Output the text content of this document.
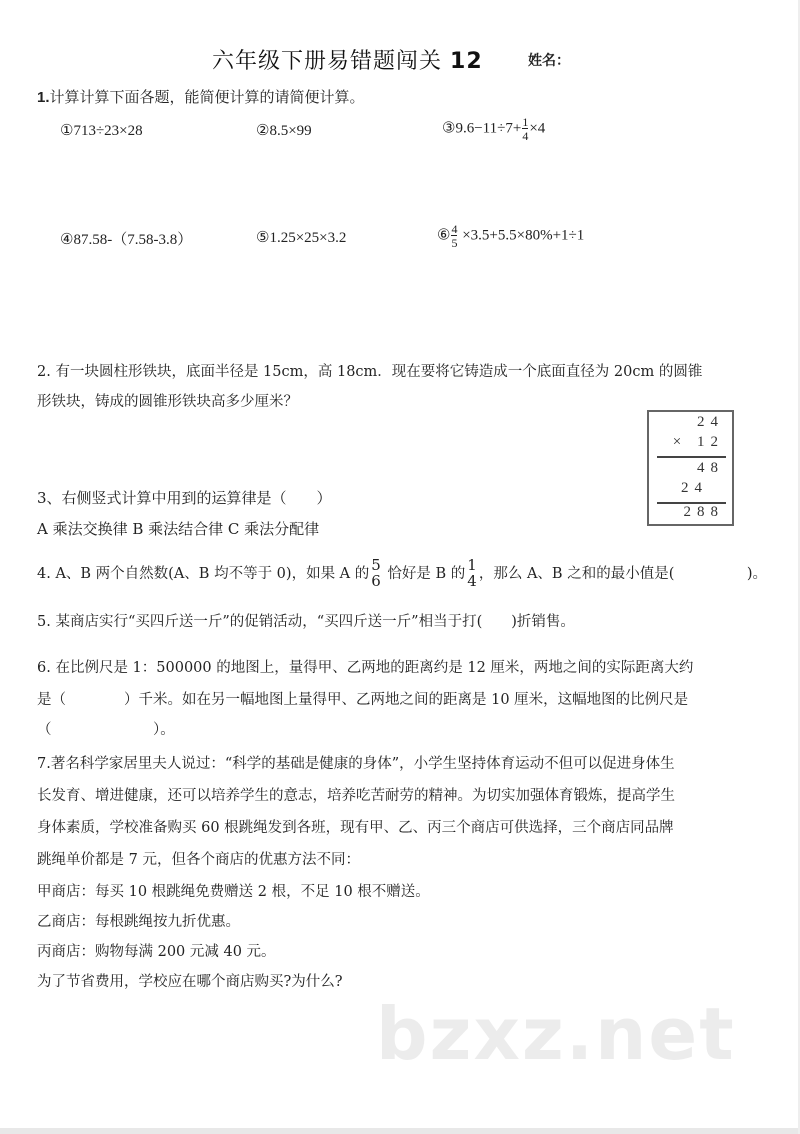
六年级下册易错题闯关 12	姓名：
1.计算计算下面各题，能简便计算的请简便计算。
①713÷23×28	②8.5×99	③9.6−11÷7+ $\frac{1}{4} \times 4$
④87.58-（7.58-3.8）	⑤1.25×25×3.2	⑥ $\frac{4}{5} \times 3.5+5.5\times 80\%+1\div 1$
2. 有一块圆柱形铁块，底面半径是 15cm，高 18cm．现在要将它铸造成一个底面直径为 20cm 的圆锥
形铁块，铸成的圆锥形铁块高多少厘米？
3、右侧竖式计算中用到的运算律是（　　）
A 乘法交换律 B 乘法结合律 C 乘法分配律
24
× 12
48
24
288
4. A、B 两个自然数(A、B 均不等于 0)，如果 A 的 5
6 恰好是 B 的 1
4 ，那么 A、B 之和的最小值是(　　　　　)。
5. 某商店实行“买四斤送一斤”的促销活动，“买四斤送一斤”相当于打(　　)折销售。
6. 在比例尺是 1：500000 的地图上，量得甲、乙两地的距离约是 12 厘米，两地之间的实际距离大约
是（　　　　）千米。如在另一幅地图上量得甲、乙两地之间的距离是 10 厘米，这幅地图的比例尺是
（　　　　　　　）。
7.著名科学家居里夫人说过：“科学的基础是健康的身体”，小学生坚持体育运动不但可以促进身体生
长发育、增进健康，还可以培养学生的意志，培养吃苦耐劳的精神。为切实加强体育锻炼，提高学生
身体素质，学校准备购买 60 根跳绳发到各班，现有甲、乙、丙三个商店可供选择，三个商店同品牌
跳绳单价都是 7 元，但各个商店的优惠方法不同：
甲商店：每买 10 根跳绳免费赠送 2 根，不足 10 根不赠送。
乙商店：每根跳绳按九折优惠。
丙商店：购物每满 200 元减 40 元。
为了节省费用，学校应在哪个商店购买?为什么?
bzxz.net
